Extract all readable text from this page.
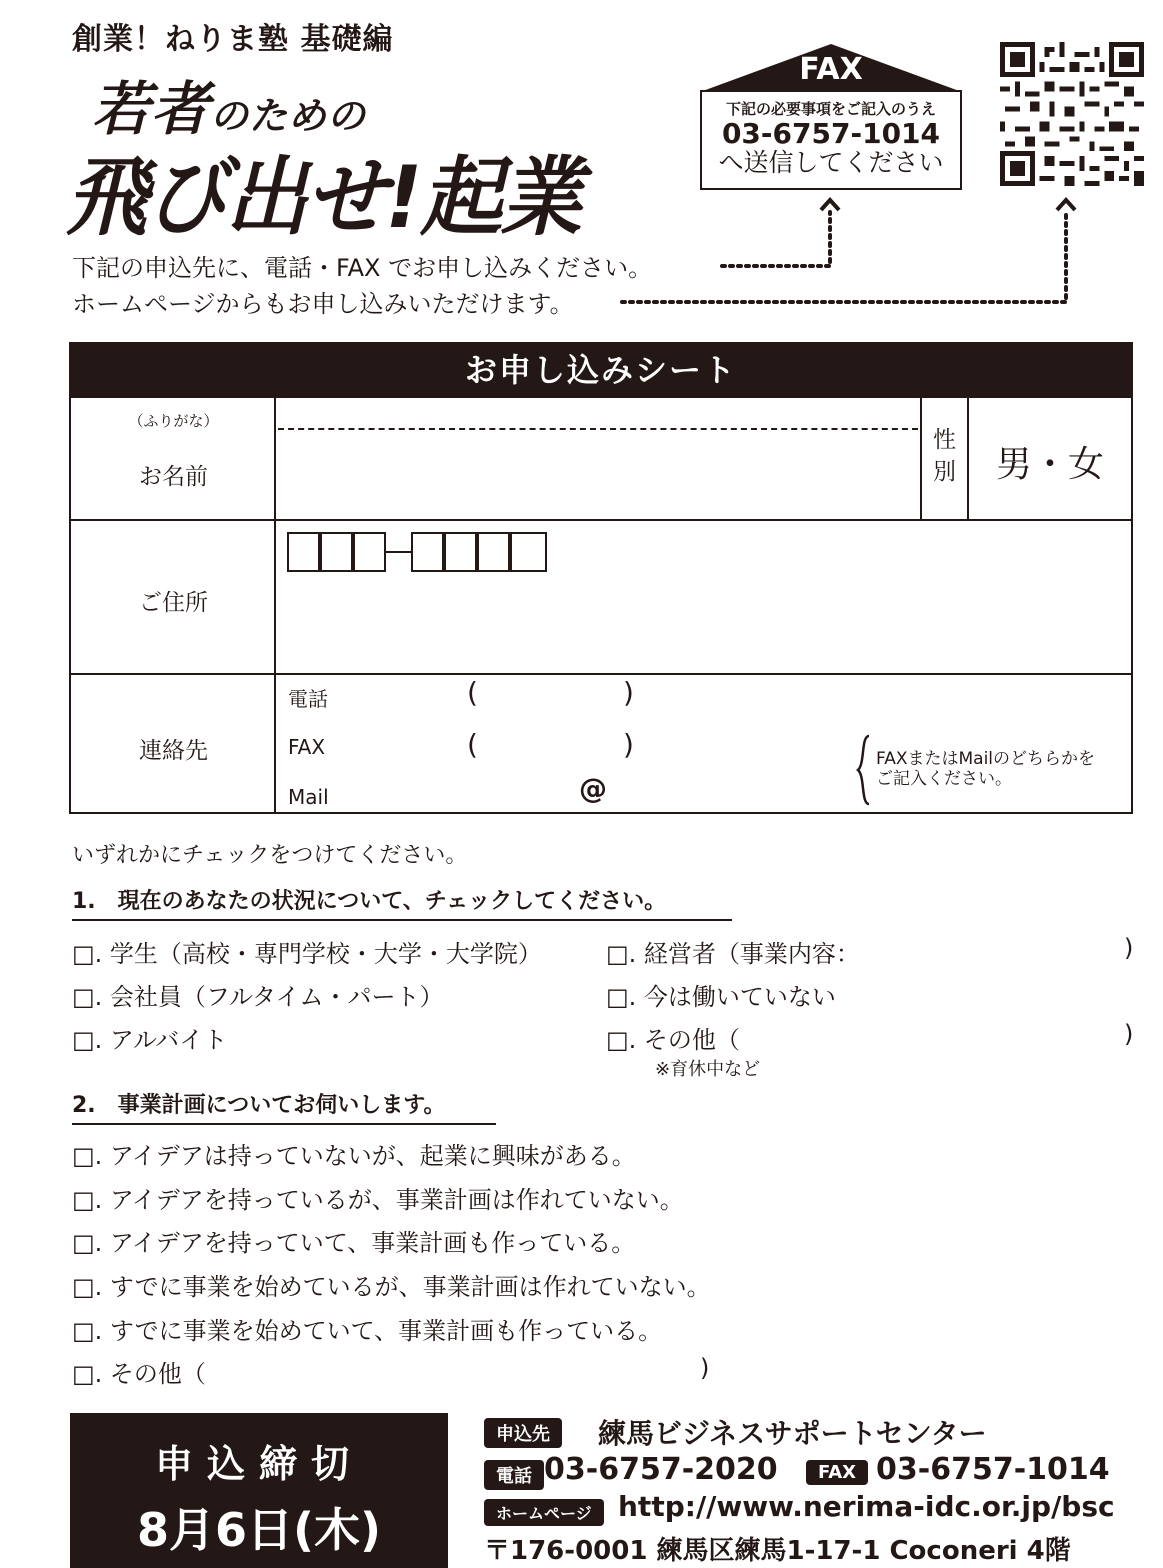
創業！ねりま塾 基礎編
若者のための
飛び出せ!起業
FAX
下記の必要事項をご記入のうえ
03-6757-1014
へ送信してください
下記の申込先に、電話・FAX でお申し込みください。
ホームページからもお申し込みいただけます。
お申し込みシート
（ふりがな）
お名前
性
別	男・女
ご住所
連絡先
電話	(	)
FAX	(	)
Mail	@
FAXまたはMailのどちらかを
ご記入ください。
いずれかにチェックをつけてください。
1.　現在のあなたの状況について、チェックしてください。
□. 学生（高校・専門学校・大学・大学院）
□. 会社員（フルタイム・パート）
□. アルバイト
□. 経営者（事業内容：	)
□. 今は働いていない
□. その他（	)
※育休中など
2.　事業計画についてお伺いします。
□. アイデアは持っていないが、起業に興味がある。
□. アイデアを持っているが、事業計画は作れていない。
□. アイデアを持っていて、事業計画も作っている。
□. すでに事業を始めているが、事業計画は作れていない。
□. すでに事業を始めていて、事業計画も作っている。
□. その他（	)
申込締切
8月6日(木)
申込先	練馬ビジネスサポートセンター
電話 03-6757-2020	FAX 03-6757-1014
ホームページ http://www.nerima-idc.or.jp/bsc
〒176-0001 練馬区練馬1-17-1 Coconeri 4階
